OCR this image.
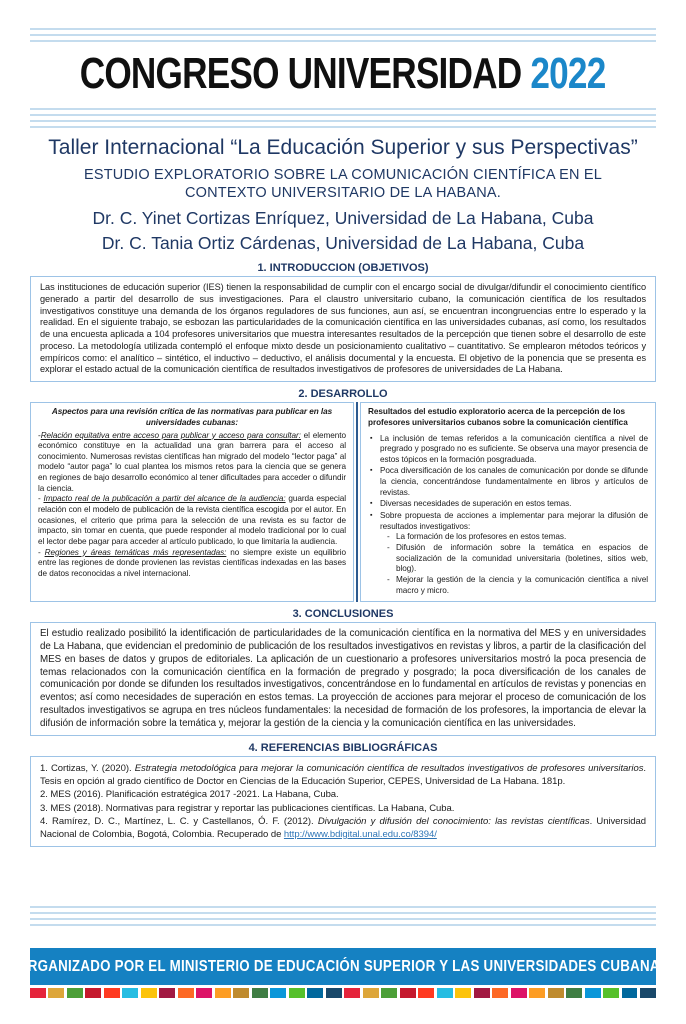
CONGRESO UNIVERSIDAD 2022
Taller Internacional “La Educación Superior y sus Perspectivas”
ESTUDIO EXPLORATORIO SOBRE LA COMUNICACIÓN CIENTÍFICA EN EL
CONTEXTO UNIVERSITARIO DE LA HABANA.
Dr. C. Yinet Cortizas Enríquez, Universidad de La Habana, Cuba
Dr. C. Tania Ortiz Cárdenas, Universidad de La Habana, Cuba
1. INTRODUCCION (OBJETIVOS)
Las instituciones de educación superior (IES) tienen la responsabilidad de cumplir con el encargo social de divulgar/difundir el conocimiento científico generado a partir del desarrollo de sus investigaciones. Para el claustro universitario cubano, la comunicación científica de los resultados investigativos constituye una demanda de los órganos reguladores de sus funciones, aun así, se encuentran incongruencias entre lo esperado y la realidad. En el siguiente trabajo, se esbozan las particularidades de la comunicación científica en las universidades cubanas, así como, los resultados de una encuesta aplicada a 104 profesores universitarios que muestra interesantes resultados de la percepción que tienen sobre el desarrollo de este proceso. La metodología utilizada contempló el enfoque mixto desde un posicionamiento cualitativo – cuantitativo. Se emplearon métodos teóricos y empíricos como: el analítico – sintético, el inductivo – deductivo, el análisis documental y la encuesta. El objetivo de la ponencia que se presenta es explorar el estado actual de la comunicación científica de resultados investigativos de profesores de universidades de La Habana.
2. DESARROLLO
Aspectos para una revisión crítica de las normativas para publicar en las universidades cubanas:

-Relación equitativa entre acceso para publicar y acceso para consultar: el elemento económico constituye en la actualidad una gran barrera para el acceso al conocimiento. Numerosas revistas científicas han migrado del modelo “lector paga” al modelo “autor paga” lo cual plantea los mismos retos para la ciencia que se genera en regiones de bajo desarrollo económico al tener dificultades para acceder o difundir la ciencia.

- Impacto real de la publicación a partir del alcance de la audiencia: guarda especial relación con el modelo de publicación de la revista científica escogida por el autor. En ocasiones, el criterio que prima para la selección de una revista es su factor de impacto, sin tomar en cuenta, que puede responder al modelo tradicional por lo cual el lector debe pagar para acceder al artículo publicado, lo que limitaría la audiencia.

- Regiones y áreas temáticas más representadas: no siempre existe un equilibrio entre las regiones de donde provienen las revistas científicas indexadas en las bases de datos reconocidas a nivel internacional.

Resultados del estudio exploratorio acerca de la percepción de los profesores universitarios cubanos sobre la comunicación científica
▪ La inclusión de temas referidos a la comunicación científica a nivel de pregrado y posgrado no es suficiente. Se observa una mayor presencia de estos tópicos en la formación posgraduada.
▪ Poca diversificación de los canales de comunicación por donde se difunde la ciencia, concentrándose fundamentalmente en libros y artículos de revistas.
▪ Diversas necesidades de superación en estos temas.
▪ Sobre propuesta de acciones a implementar para mejorar la difusión de resultados investigativos:
- La formación de los profesores en estos temas.
- Difusión de información sobre la temática en espacios de socialización de la comunidad universitaria (boletines, sitios web, blog).
- Mejorar la gestión de la ciencia y la comunicación científica a nivel macro y micro.
3. CONCLUSIONES
El estudio realizado posibilitó la identificación de particularidades de la comunicación científica en la normativa del MES y en universidades de La Habana, que evidencian el predominio de publicación de los resultados investigativos en revistas y libros, a partir de la clasificación del MES en bases de datos y grupos de editoriales. La aplicación de un cuestionario a profesores universitarios mostró la poca presencia de temas relacionados con la comunicación científica en la formación de pregrado y posgrado; la poca diversificación de los canales de comunicación por donde se difunden los resultados investigativos, concentrándose en lo fundamental en artículos de revistas y ponencias en eventos; así como necesidades de superación en estos temas. La proyección de acciones para mejorar el proceso de comunicación de los resultados investigativos se agrupa en tres núcleos fundamentales: la necesidad de formación de los profesores, la importancia de elevar la difusión de información sobre la temática y, mejorar la gestión de la ciencia y la comunicación científica en las universidades.
4. REFERENCIAS BIBLIOGRÁFICAS

1. Cortizas, Y. (2020). Estrategia metodológica para mejorar la comunicación científica de resultados investigativos de profesores universitarios. Tesis en opción al grado científico de Doctor en Ciencias de la Educación Superior, CEPES, Universidad de La Habana. 181p.

2. MES (2016). Planificación estratégica 2017 -2021. La Habana, Cuba.

3. MES (2018). Normativas para registrar y reportar las publicaciones científicas. La Habana, Cuba.

4. Ramírez, D. C., Martínez, L. C. y Castellanos, Ó. F. (2012). Divulgación y difusión del conocimiento: las revistas científicas. Universidad Nacional de Colombia, Bogotá, Colombia. Recuperado de http://www.bdigital.unal.edu.co/8394/

ORGANIZADO POR EL MINISTERIO DE EDUCACIÓN SUPERIOR Y LAS UNIVERSIDADES CUBANAS
